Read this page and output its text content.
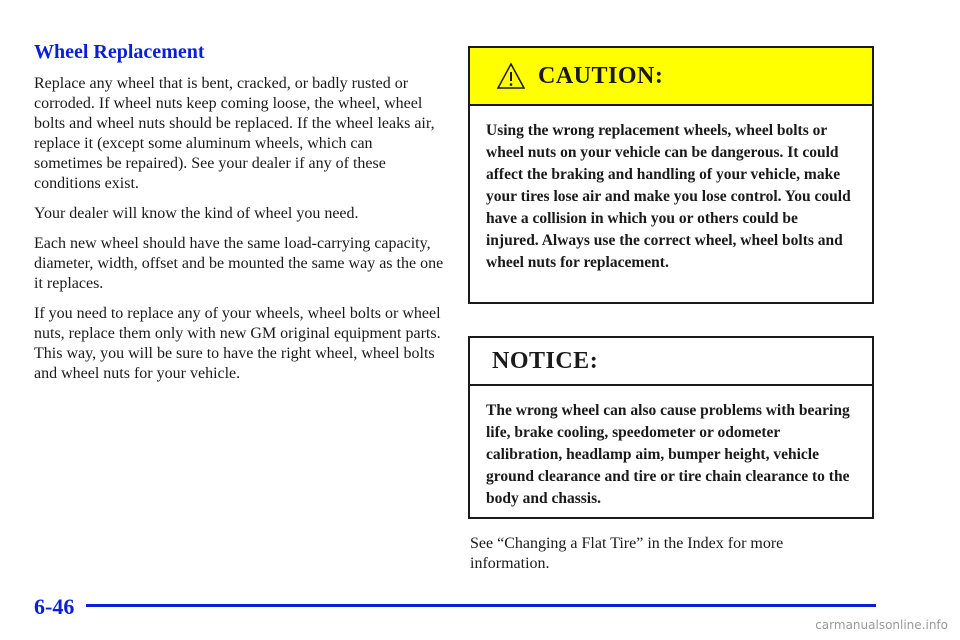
Wheel Replacement

Replace any wheel that is bent, cracked, or badly rusted or corroded. If wheel nuts keep coming loose, the wheel, wheel bolts and wheel nuts should be replaced. If the wheel leaks air, replace it (except some aluminum wheels, which can sometimes be repaired). See your dealer if any of these conditions exist.

Your dealer will know the kind of wheel you need.

Each new wheel should have the same load‑carrying capacity, diameter, width, offset and be mounted the same way as the one it replaces.

If you need to replace any of your wheels, wheel bolts or wheel nuts, replace them only with new GM original equipment parts. This way, you will be sure to have the right wheel, wheel bolts and wheel nuts for your vehicle.

CAUTION:

Using the wrong replacement wheels, wheel bolts or wheel nuts on your vehicle can be dangerous. It could affect the braking and handling of your vehicle, make your tires lose air and make you lose control. You could have a collision in which you or others could be injured. Always use the correct wheel, wheel bolts and wheel nuts for replacement.

NOTICE:

The wrong wheel can also cause problems with bearing life, brake cooling, speedometer or odometer calibration, headlamp aim, bumper height, vehicle ground clearance and tire or tire chain clearance to the body and chassis.

See “Changing a Flat Tire” in the Index for more information.

6-46
carmanualsonline.info
